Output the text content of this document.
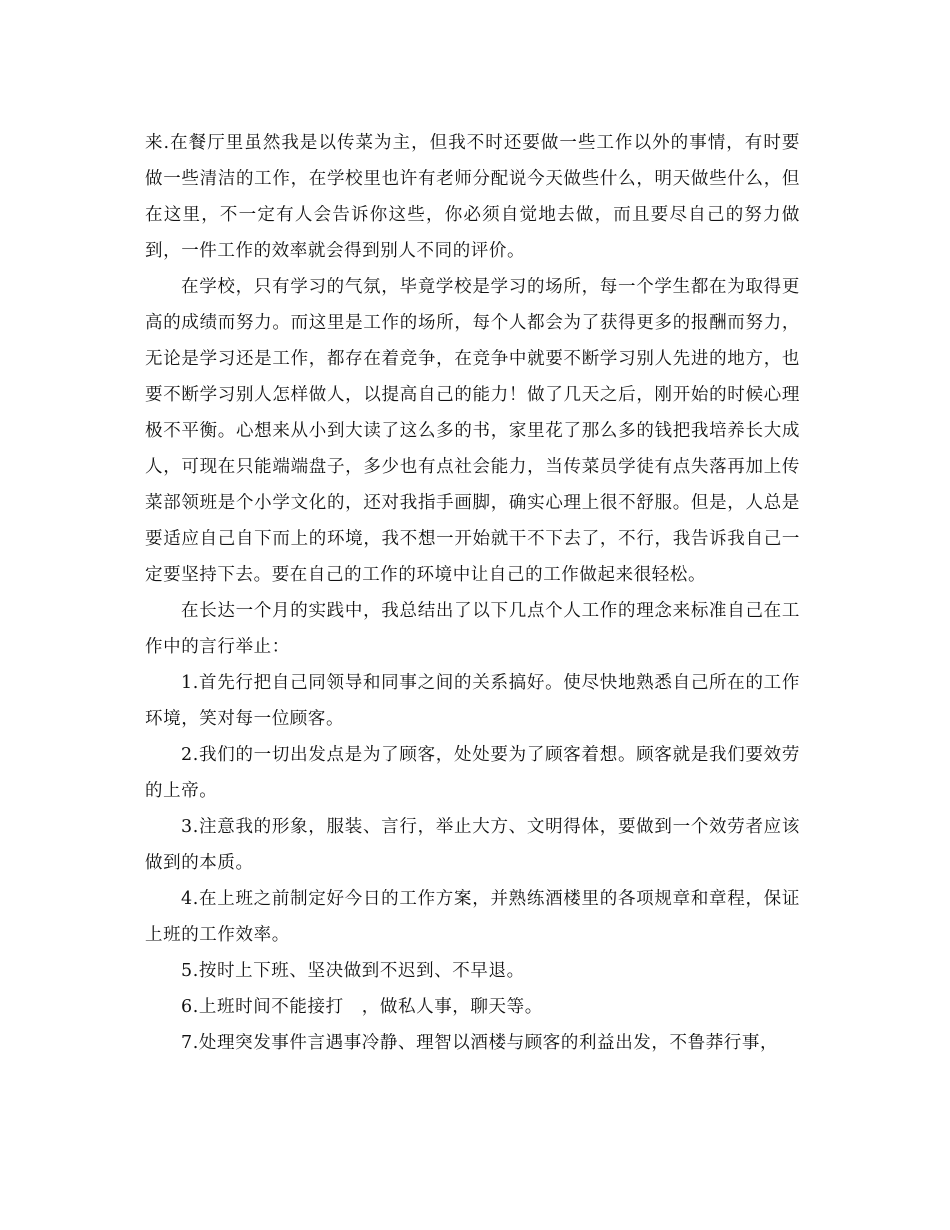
来.在餐厅里虽然我是以传菜为主，但我不时还要做一些工作以外的事情，有时要做一些清洁的工作，在学校里也许有老师分配说今天做些什么，明天做些什么，但在这里，不一定有人会告诉你这些，你必须自觉地去做，而且要尽自己的努力做到，一件工作的效率就会得到别人不同的评价。

在学校，只有学习的气氛，毕竟学校是学习的场所，每一个学生都在为取得更高的成绩而努力。而这里是工作的场所，每个人都会为了获得更多的报酬而努力，无论是学习还是工作，都存在着竞争，在竞争中就要不断学习别人先进的地方，也要不断学习别人怎样做人，以提高自己的能力！做了几天之后，刚开始的时候心理极不平衡。心想来从小到大读了这么多的书，家里花了那么多的钱把我培养长大成人，可现在只能端端盘子，多少也有点社会能力，当传菜员学徒有点失落再加上传菜部领班是个小学文化的，还对我指手画脚，确实心理上很不舒服。但是，人总是要适应自己自下而上的环境，我不想一开始就干不下去了，不行，我告诉我自己一定要坚持下去。要在自己的工作的环境中让自己的工作做起来很轻松。

在长达一个月的实践中，我总结出了以下几点个人工作的理念来标准自己在工作中的言行举止：

1.首先行把自己同领导和同事之间的关系搞好。使尽快地熟悉自己所在的工作环境，笑对每一位顾客。

2.我们的一切出发点是为了顾客，处处要为了顾客着想。顾客就是我们要效劳的上帝。

3.注意我的形象，服装、言行，举止大方、文明得体，要做到一个效劳者应该做到的本质。

4.在上班之前制定好今日的工作方案，并熟练酒楼里的各项规章和章程，保证上班的工作效率。

5.按时上下班、坚决做到不迟到、不早退。

6.上班时间不能接打　，做私人事，聊天等。

7.处理突发事件言遇事冷静、理智以酒楼与顾客的利益出发，不鲁莽行事，
